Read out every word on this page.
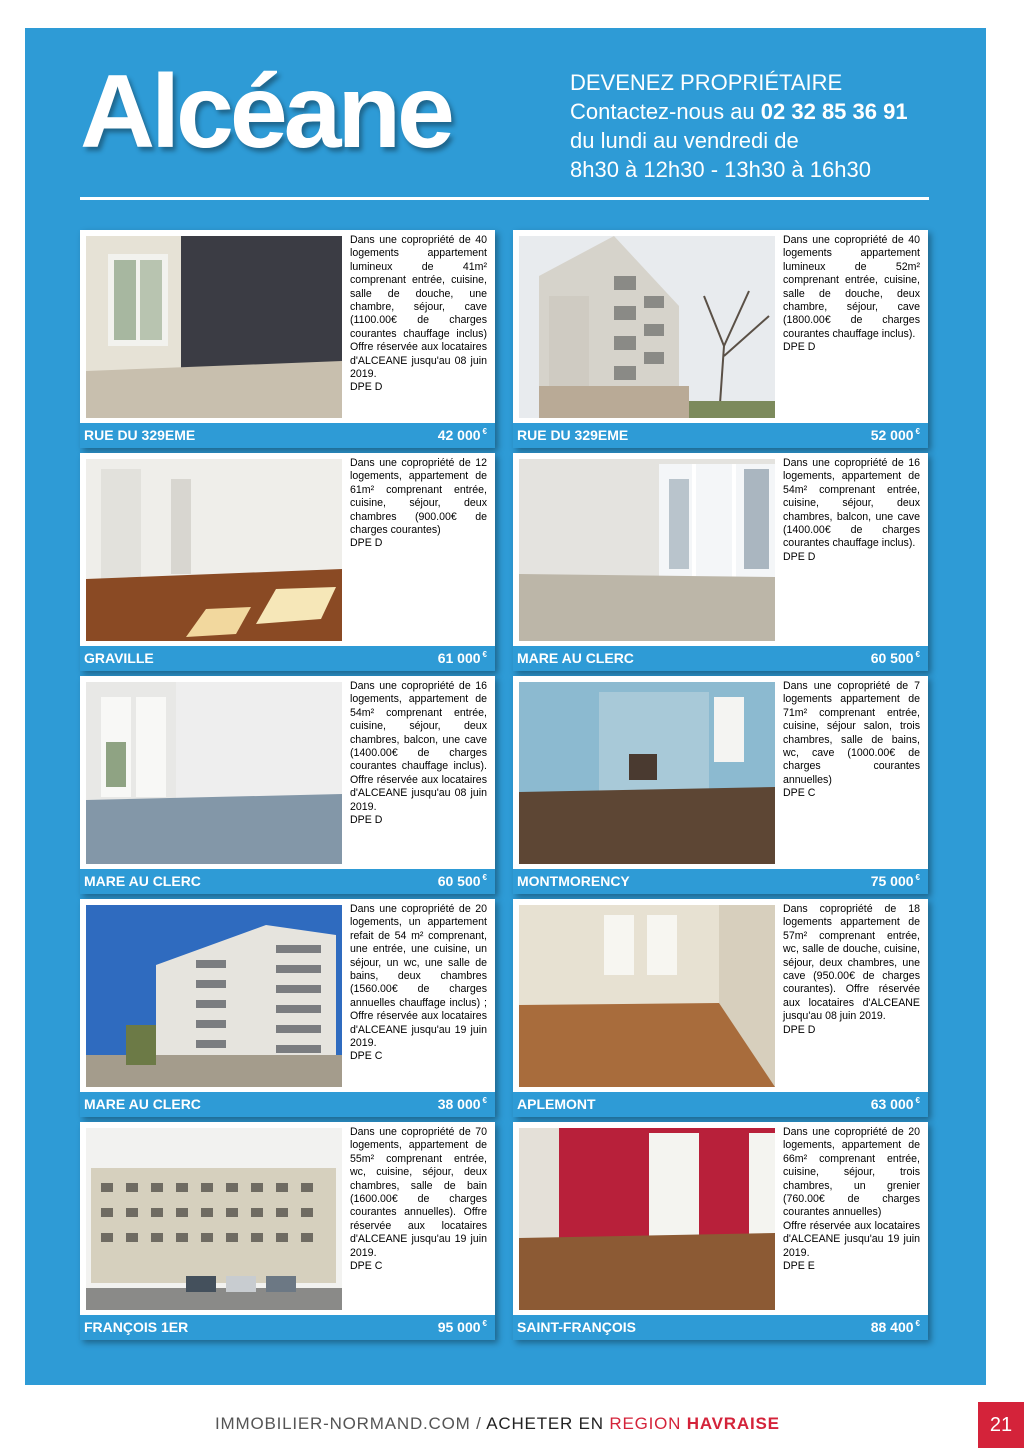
Alcéane	DEVENEZ PROPRIÉTAIRE
Contactez-nous au 02 32 85 36 91
du lundi au vendredi de
8h30 à 12h30 - 13h30 à 16h30
Dans une copropriété de 40 logements appartement lumineux de 41m² comprenant entrée, cuisine, salle de douche, une chambre, séjour, cave (1100.00€ de charges courantes chauffage inclus) Offre réservée aux locataires d'ALCEANE jusqu'au 08 juin 2019.
DPE D
RUE DU 329EME	42 000 €
Dans une copropriété de 40 logements appartement lumineux de 52m² comprenant entrée, cuisine, salle de douche, deux chambre, séjour, cave (1800.00€ de charges courantes chauffage inclus).
DPE D
RUE DU 329EME	52 000 €
Dans une copropriété de 12 logements, appartement de 61m² comprenant entrée, cuisine, séjour, deux chambres (900.00€ de charges courantes)
DPE D
GRAVILLE	61 000 €
Dans une copropriété de 16 logements, appartement de 54m² comprenant entrée, cuisine, séjour, deux chambres, balcon, une cave (1400.00€ de charges courantes chauffage inclus).
DPE D
MARE AU CLERC	60 500 €
Dans une copropriété de 16 logements, appartement de 54m² comprenant entrée, cuisine, séjour, deux chambres, balcon, une cave (1400.00€ de charges courantes chauffage inclus). Offre réservée aux locataires d'ALCEANE jusqu'au 08 juin 2019.
DPE D
MARE AU CLERC	60 500 €
Dans une copropriété de 7 logements appartement de 71m² comprenant entrée, cuisine, séjour salon, trois chambres, salle de bains, wc, cave (1000.00€ de charges courantes annuelles)
DPE C
MONTMORENCY	75 000 €
Dans une copropriété de 20 logements, un appartement refait de 54 m² comprenant, une entrée, une cuisine, un séjour, un wc, une salle de bains, deux chambres (1560.00€ de charges annuelles chauffage inclus) ; Offre réservée aux locataires d'ALCEANE jusqu'au 19 juin 2019.
DPE C
MARE AU CLERC	38 000 €
Dans copropriété de 18 logements appartement de 57m² comprenant entrée, wc, salle de douche, cuisine, séjour, deux chambres, une cave (950.00€ de charges courantes). Offre réservée aux locataires d'ALCEANE jusqu'au 08 juin 2019.
DPE D
APLEMONT	63 000 €
Dans une copropriété de 70 logements, appartement de 55m² comprenant entrée, wc, cuisine, séjour, deux chambres, salle de bain (1600.00€ de charges courantes annuelles). Offre réservée aux locataires d'ALCEANE jusqu'au 19 juin 2019.
DPE C
FRANÇOIS 1ER	95 000 €
Dans une copropriété de 20 logements, appartement de 66m² comprenant entrée, cuisine, séjour, trois chambres, un grenier (760.00€ de charges courantes annuelles)
Offre réservée aux locataires d'ALCEANE jusqu'au 19 juin 2019.
DPE E
SAINT-FRANÇOIS	88 400 €
IMMOBILIER-NORMAND.COM / ACHETER EN REGION HAVRAISE	21
